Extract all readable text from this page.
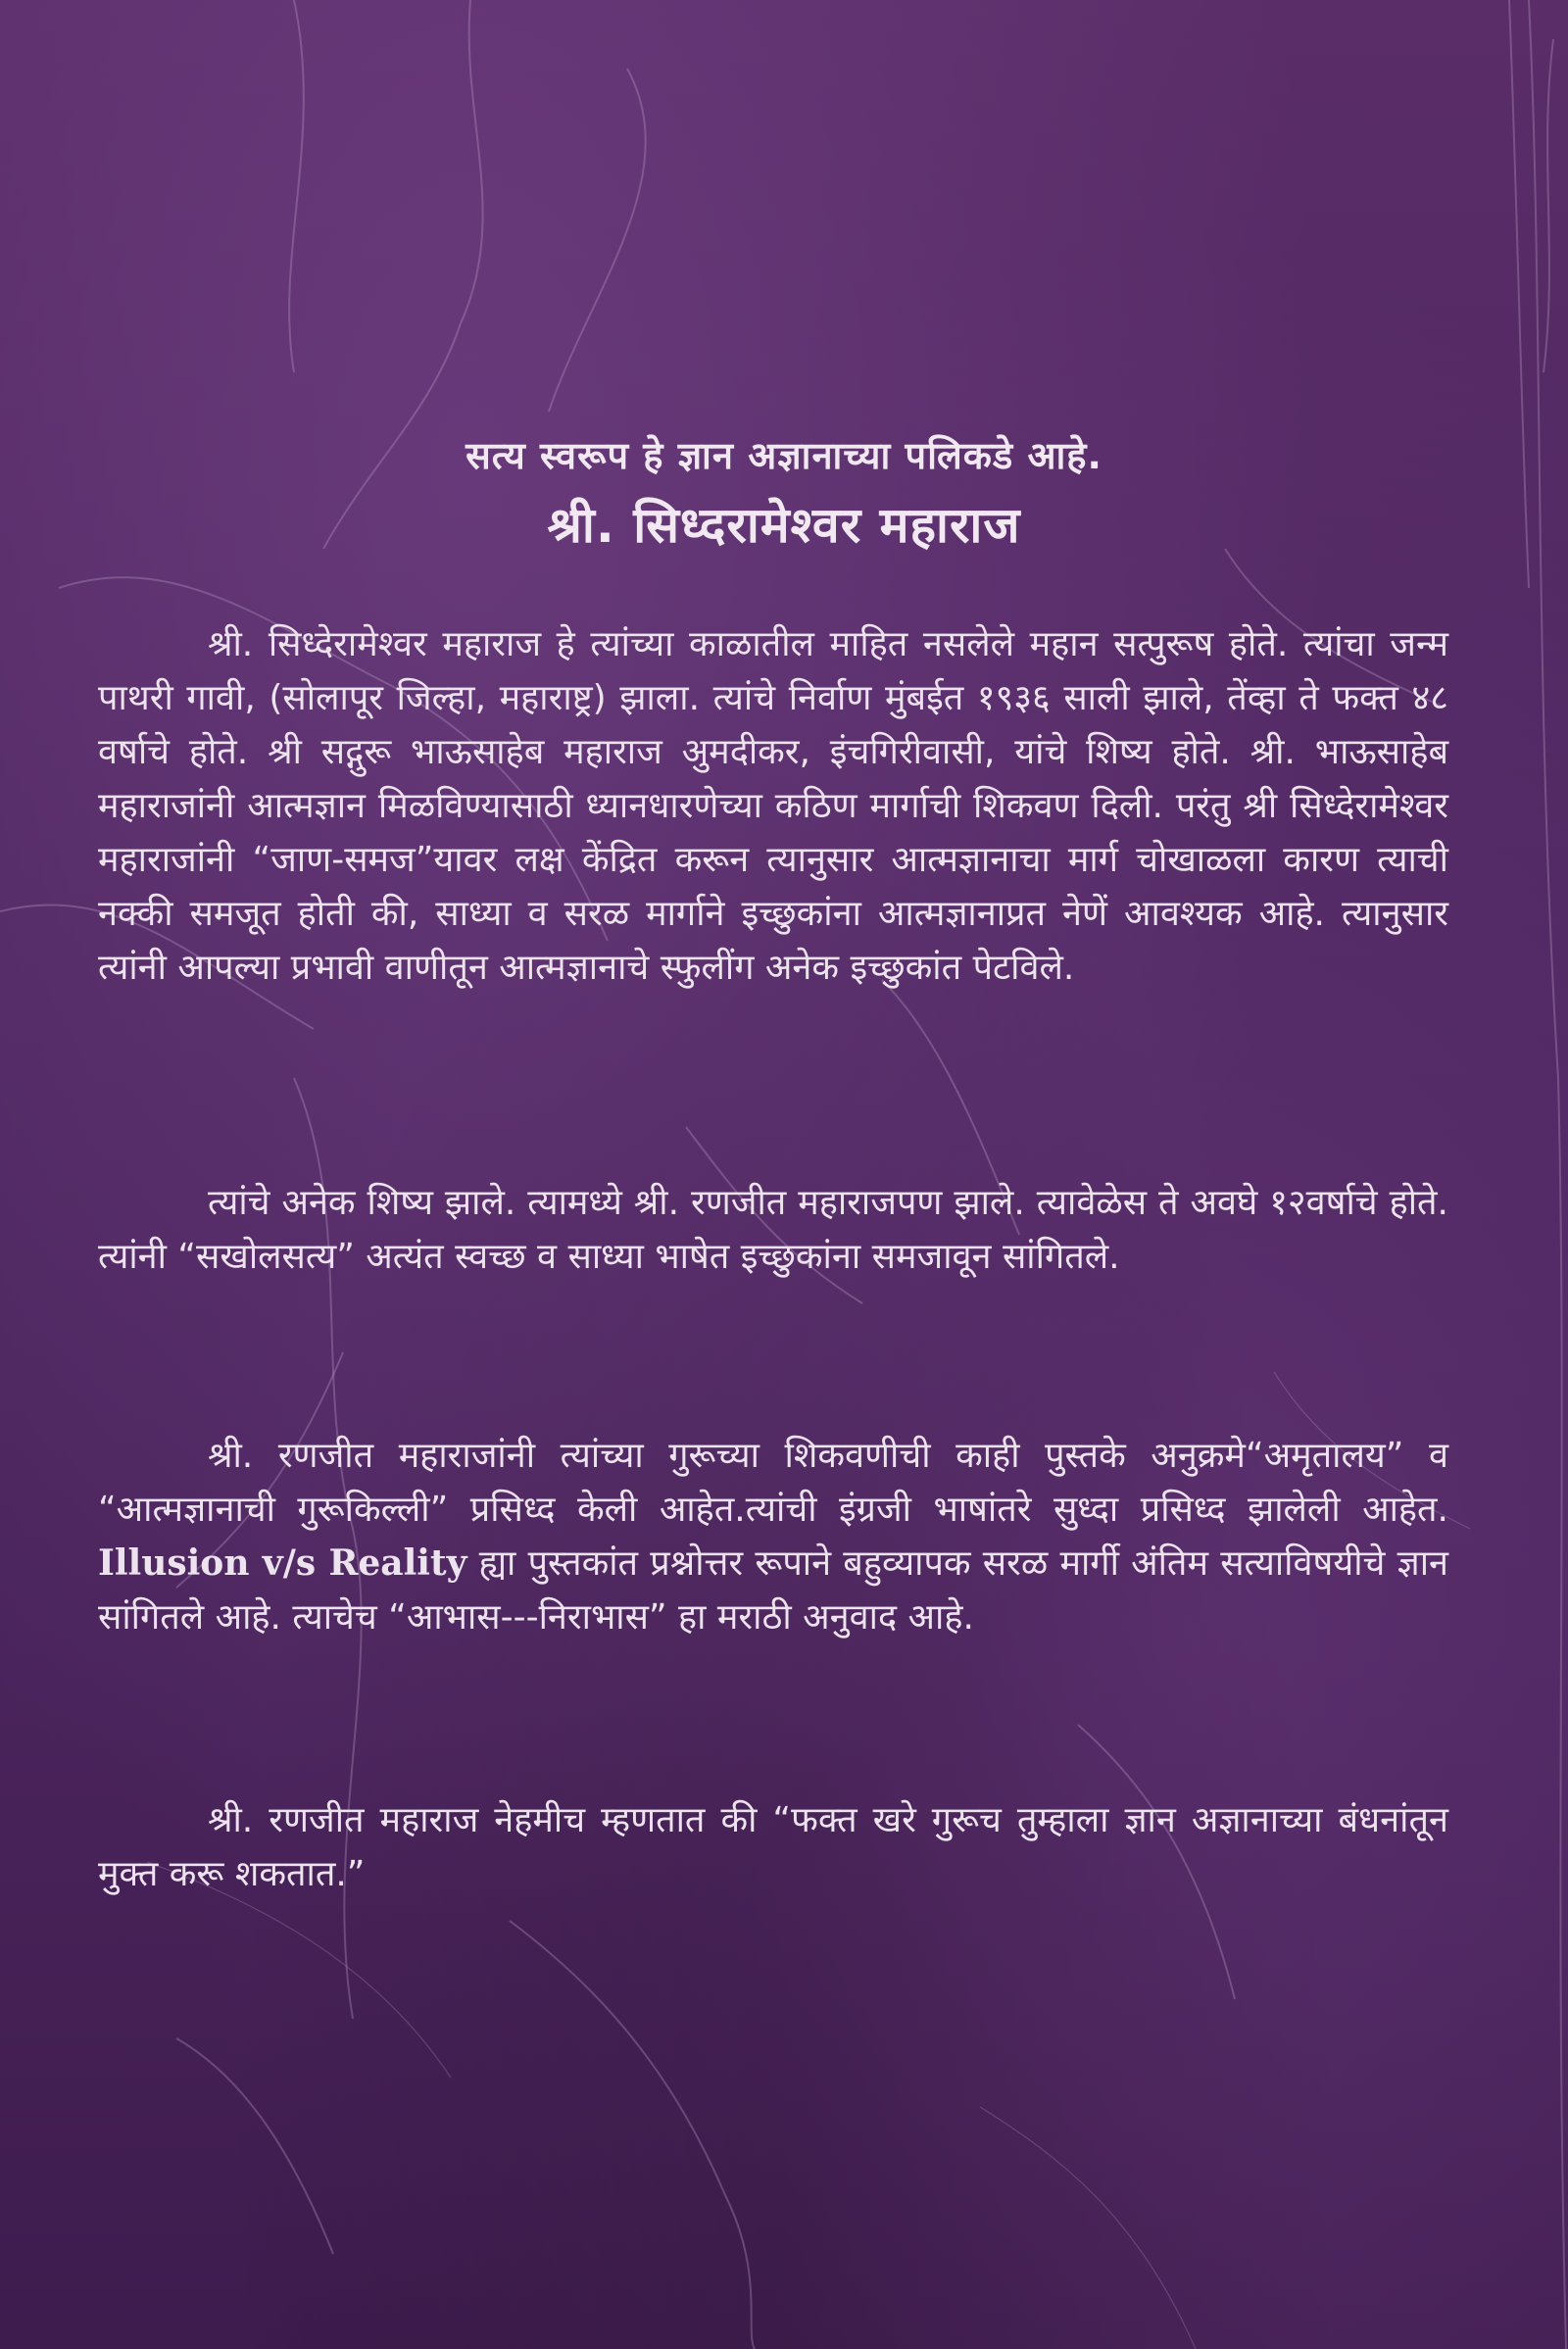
सत्य स्वरूप हे ज्ञान अज्ञानाच्या पलिकडे आहे.
श्री. सिध्दरामेश्वर महाराज

श्री. सिध्देरामेश्वर महाराज हे त्यांच्या काळातील माहित नसलेले महान सत्पुरूष होते. त्यांचा जन्म पाथरी गावी, (सोलापूर जिल्हा, महाराष्ट्र) झाला. त्यांचे निर्वाण मुंबईत १९३६ साली झाले, तेंव्हा ते फक्त ४८ वर्षाचे होते. श्री सद्गुरू भाऊसाहेब महाराज अुमदीकर, इंचगिरीवासी, यांचे शिष्य होते. श्री. भाऊसाहेब महाराजांनी आत्मज्ञान मिळविण्यासाठी ध्यानधारणेच्या कठिण मार्गाची शिकवण दिली. परंतु श्री सिध्देरामेश्वर महाराजांनी “जाण-समज”यावर लक्ष केंद्रित करून त्यानुसार आत्मज्ञानाचा मार्ग चोखाळला कारण त्याची नक्की समजूत होती की, साध्या व सरळ मार्गाने इच्छुकांना आत्मज्ञानाप्रत नेणें आवश्यक आहे. त्यानुसार त्यांनी आपल्या प्रभावी वाणीतून आत्मज्ञानाचे स्फुलींग अनेक इच्छुकांत पेटविले.

त्यांचे अनेक शिष्य झाले. त्यामध्ये श्री. रणजीत महाराजपण झाले. त्यावेळेस ते अवघे १२वर्षाचे होते. त्यांनी “सखोलसत्य” अत्यंत स्वच्छ व साध्या भाषेत इच्छुकांना समजावून सांगितले.

श्री. रणजीत महाराजांनी त्यांच्या गुरूच्या शिकवणीची काही पुस्तके अनुक्रमे“अमृतालय” व “आत्मज्ञानाची गुरूकिल्ली” प्रसिध्द केली आहेत.त्यांची इंग्रजी भाषांतरे सुध्दा प्रसिध्द झालेली आहेत. Illusion v/s Reality ह्या पुस्तकांत प्रश्नोत्तर रूपाने बहुव्यापक सरळ मार्गी अंतिम सत्याविषयीचे ज्ञान सांगितले आहे. त्याचेच “आभास---निराभास” हा मराठी अनुवाद आहे.

श्री. रणजीत महाराज नेहमीच म्हणतात की “फक्त खरे गुरूच तुम्हाला ज्ञान अज्ञानाच्या बंधनांतून मुक्त करू शकतात.”
